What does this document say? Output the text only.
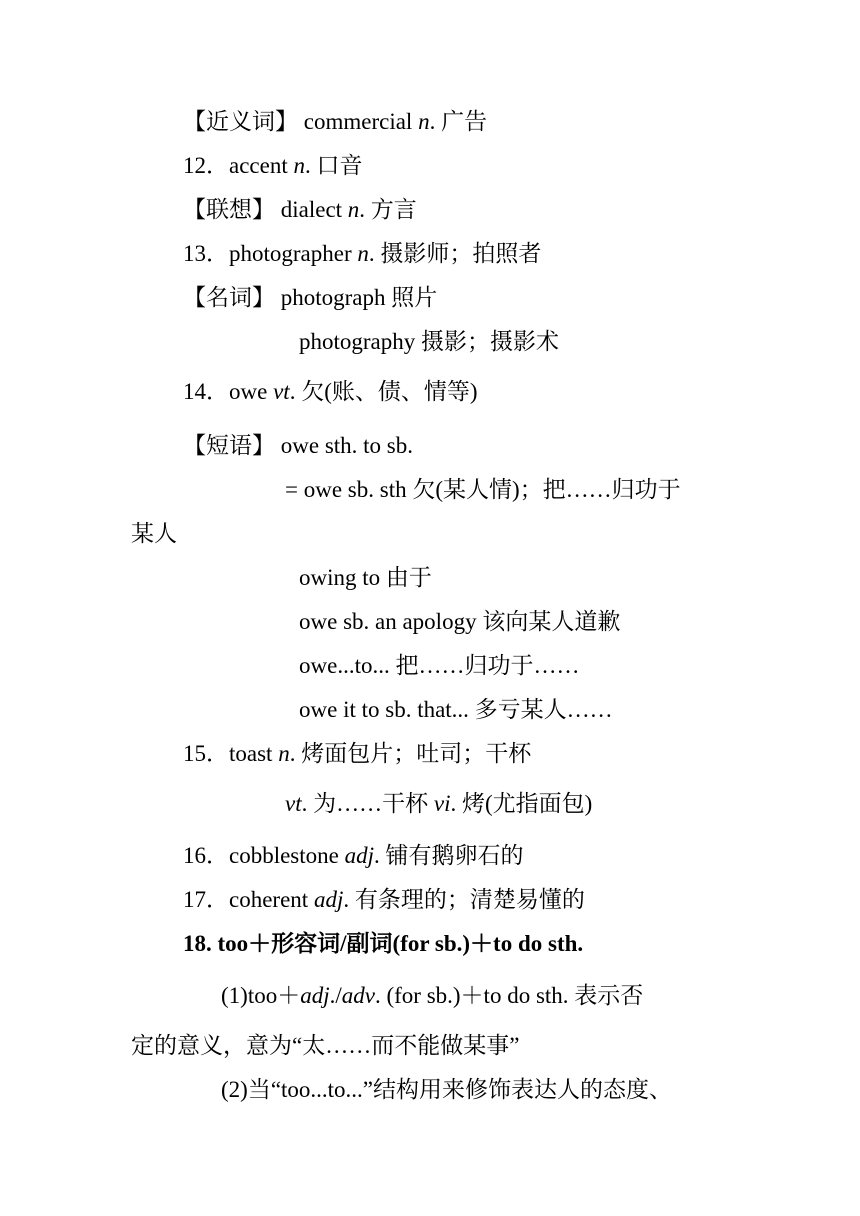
【近义词】 commercial n. 广告
12．accent n. 口音
【联想】 dialect n. 方言
13．photographer n. 摄影师；拍照者
【名词】 photograph 照片
photography 摄影；摄影术
14．owe vt. 欠(账、债、情等)
【短语】 owe sth. to sb.
= owe sb. sth 欠(某人情)；把……归功于
某人
owing to 由于
owe sb. an apology 该向某人道歉
owe...to... 把……归功于……
owe it to sb. that... 多亏某人……
15．toast n. 烤面包片；吐司；干杯
vt. 为……干杯 vi. 烤(尤指面包)
16．cobblestone adj. 铺有鹅卵石的
17．coherent adj. 有条理的；清楚易懂的
18. too＋形容词/副词(for sb.)＋to do sth.
(1)too＋adj./adv. (for sb.)＋to do sth. 表示否
定的意义，意为“太……而不能做某事”
(2)当“too...to...”结构用来修饰表达人的态度、
